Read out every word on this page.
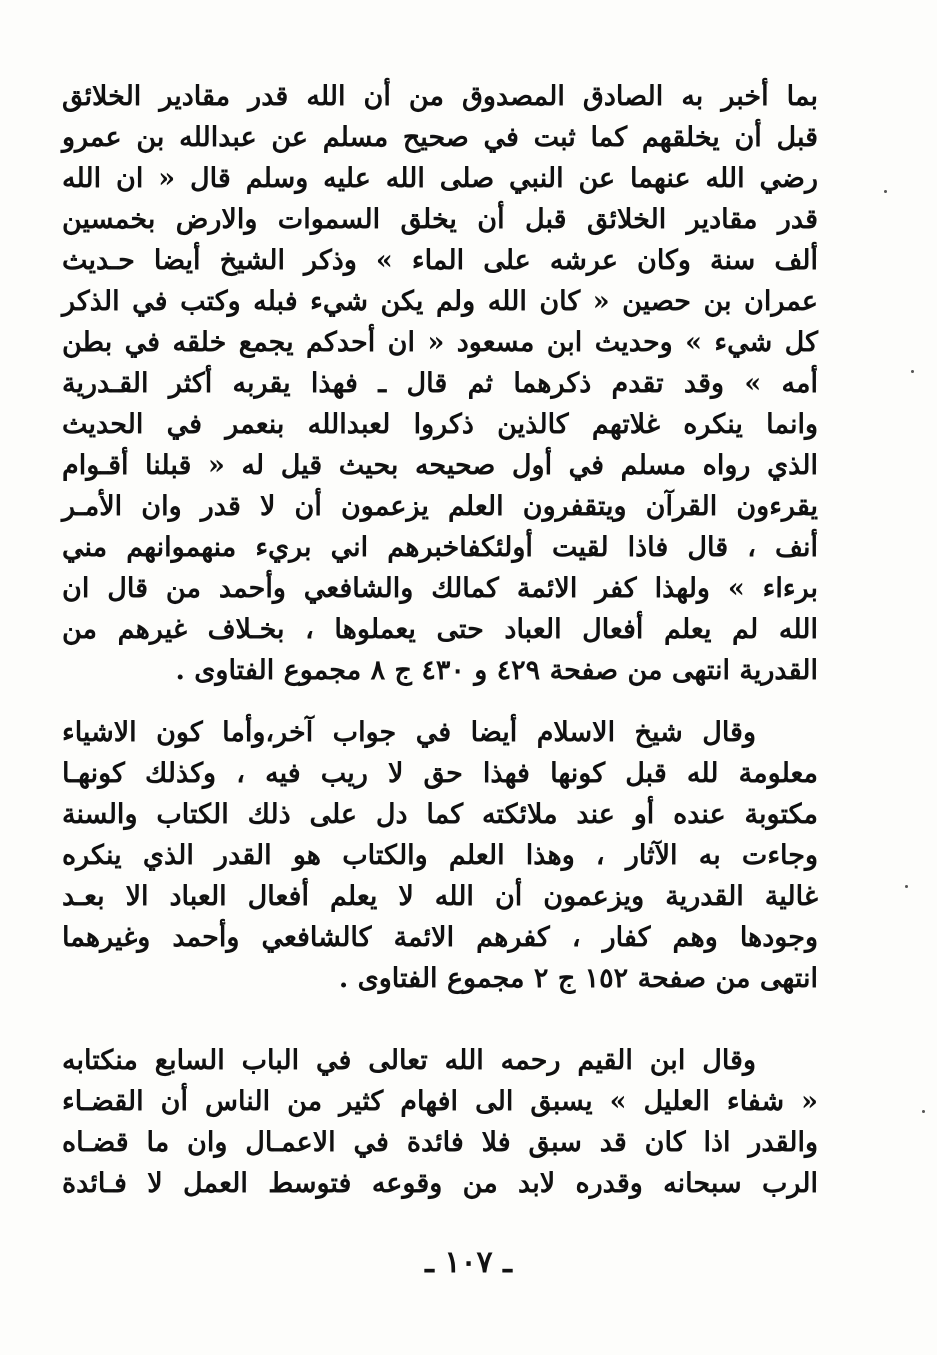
بما أخبر به الصادق المصدوق من أن الله قدر مقادير الخلائق
قبل أن يخلقهم كما ثبت في صحيح مسلم عن عبدالله بن عمرو
رضي الله عنهما عن النبي صلى الله عليه وسلم قال « ان الله
قدر مقادير الخلائق قبل أن يخلق السموات والارض بخمسين
ألف سنة وكان عرشه على الماء » وذكر الشيخ أيضا حـديث
عمران بن حصين « كان الله ولم يكن شيء فبله وكتب في الذكر
كل شيء » وحديث ابن مسعود « ان أحدكم يجمع خلقه في بطن
أمه » وقد تقدم ذكرهما ثم قال ـ فهذا يقربه أكثر القـدرية
وانما ينكره غلاتهم كالذين ذكروا لعبدالله بنعمر في الحديث
الذي رواه مسلم في أول صحيحه بحيث قيل له « قبلنا أقـوام
يقرءون القرآن ويتقفرون العلم يزعمون أن لا قدر وان الأمـر
أنف ، قال فاذا لقيت أولئكفاخبرهم اني بريء منهموانهم مني
برءاء » ولهذا كفر الائمة كمالك والشافعي وأحمد من قال ان
الله لم يعلم أفعال العباد حتى يعملوها ، بخـلاف غيرهم من
القدرية انتهى من صفحة ٤٢٩ و ٤٣٠ ج ٨ مجموع الفتاوى .
وقال شيخ الاسلام أيضا في جواب آخر،وأما كون الاشياء
معلومة لله قبل كونها فهذا حق لا ريب فيه ، وكذلك كونهـا
مكتوبة عنده أو عند ملائكته كما دل على ذلك الكتاب والسنة
وجاءت به الآثار ، وهذا العلم والكتاب هو القدر الذي ينكره
غالية القدرية ويزعمون أن الله لا يعلم أفعال العباد الا بعـد
وجودها وهم كفار ، كفرهم الائمة كالشافعي وأحمد وغيرهما
انتهى من صفحة ١٥٢ ج ٢ مجموع الفتاوى .
وقال ابن القيم رحمه الله تعالى في الباب السابع منكتابه
« شفاء العليل » يسبق الى افهام كثير من الناس أن القضـاء
والقدر اذا كان قد سبق فلا فائدة في الاعمـال وان ما قضـاه
الرب سبحانه وقدره لابد من وقوعه فتوسط العمل لا فـائدة
ـ ١٠٧ ـ
